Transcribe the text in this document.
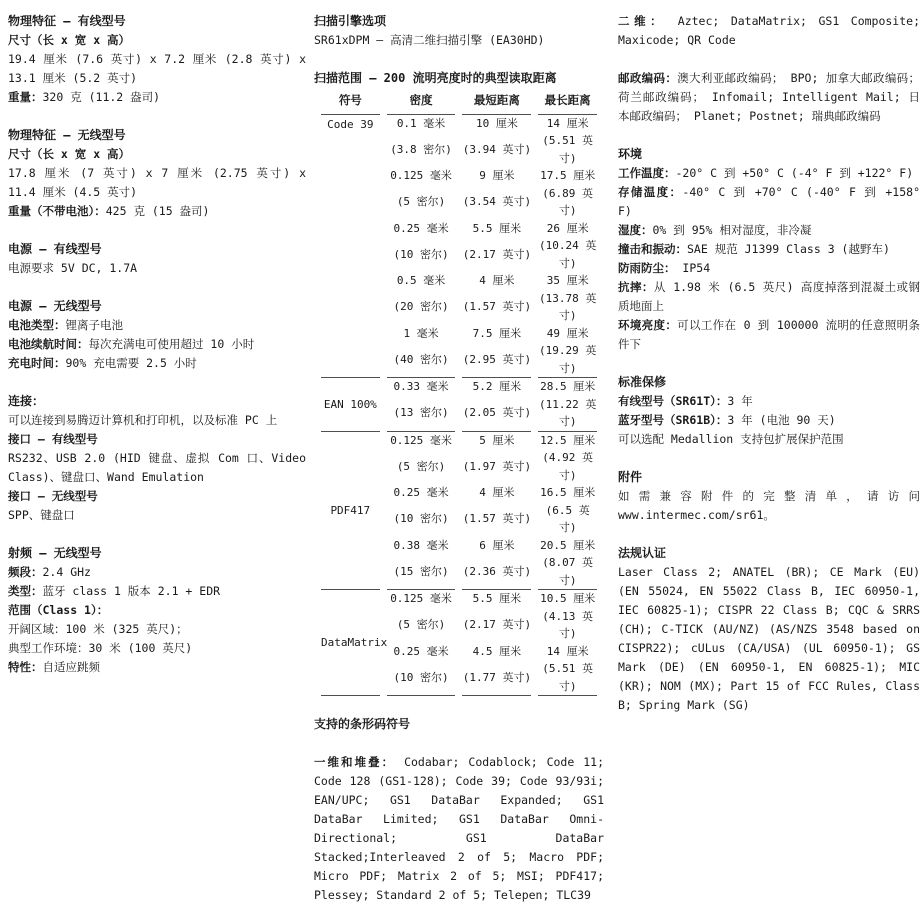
物理特征 — 有线型号

尺寸（长 x 宽 x 高）

19.4 厘米 (7.6 英寸) x 7.2 厘米 (2.8 英寸) x 13.1 厘米 (5.2 英寸)

重量：320 克 (11.2 盎司)

物理特征 — 无线型号

尺寸（长 x 宽 x 高）

17.8 厘米 (7 英寸) x 7 厘米 (2.75 英寸) x 11.4 厘米 (4.5 英寸)

重量（不带电池）：425 克 (15 盎司)

电源 — 有线型号

电源要求 5V DC, 1.7A

电源 — 无线型号

电池类型：锂离子电池

电池续航时间：每次充满电可使用超过 10 小时

充电时间：90% 充电需要 2.5 小时

连接：

可以连接到易腾迈计算机和打印机，以及标准 PC 上

接口 — 有线型号

RS232、USB 2.0 (HID 键盘、虚拟 Com 口、Video Class)、键盘口、Wand Emulation

接口 — 无线型号

SPP、键盘口

射频 — 无线型号

频段：2.4 GHz

类型：蓝牙 class 1 版本 2.1 + EDR

范围（Class 1）：

开阔区域：100 米 (325 英尺)；

典型工作环境：30 米 (100 英尺)

特性：自适应跳频

扫描引擎选项

SR61xDPM – 高清二维扫描引擎 (EA30HD)

扫描范围 — 200 流明亮度时的典型读取距离
符号	密度	最短距离	最长距离
Code 39	0.1 毫米	10 厘米	14 厘米
	(3.8 密尔)	(3.94 英寸)	(5.51 英寸)
	0.125 毫米	9 厘米	17.5 厘米
	(5 密尔)	(3.54 英寸)	(6.89 英寸)
	0.25 毫米	5.5 厘米	26 厘米
	(10 密尔)	(2.17 英寸)	(10.24 英寸)
	0.5 毫米	4 厘米	35 厘米
	(20 密尔)	(1.57 英寸)	(13.78 英寸)
	1 毫米	7.5 厘米	49 厘米
	(40 密尔)	(2.95 英寸)	(19.29 英寸)
EAN 100%	0.33 毫米	5.2 厘米	28.5 厘米
	(13 密尔)	(2.05 英寸)	(11.22 英寸)
PDF417	0.125 毫米	5 厘米	12.5 厘米
	(5 密尔)	(1.97 英寸)	(4.92 英寸)
	0.25 毫米	4 厘米	16.5 厘米
	(10 密尔)	(1.57 英寸)	(6.5 英寸)
	0.38 毫米	6 厘米	20.5 厘米
	(15 密尔)	(2.36 英寸)	(8.07 英寸)
DataMatrix	0.125 毫米	5.5 厘米	10.5 厘米
	(5 密尔)	(2.17 英寸)	(4.13 英寸)
	0.25 毫米	4.5 厘米	14 厘米
	(10 密尔)	(1.77 英寸)	(5.51 英寸)
支持的条形码符号

一维和堆叠： Codabar; Codablock; Code 11; Code 128 (GS1-128); Code 39; Code 93/93i; EAN/UPC; GS1 DataBar Expanded; GS1 DataBar Limited; GS1 DataBar Omni-Directional; GS1 DataBar Stacked;Interleaved 2 of 5; Macro PDF; Micro PDF; Matrix 2 of 5; MSI; PDF417; Plessey; Standard 2 of 5; Telepen; TLC39

二维： Aztec; DataMatrix; GS1 Composite; Maxicode; QR Code

邮政编码：澳大利亚邮政编码； BPO; 加拿大邮政编码；荷兰邮政编码； Infomail; Intelligent Mail; 日本邮政编码； Planet; Postnet; 瑞典邮政编码

环境

工作温度：-20° C 到 +50° C (-4° F 到 +122° F)

存储温度：-40° C 到 +70° C (-40° F 到 +158° F)

湿度：0% 到 95% 相对湿度，非冷凝

撞击和振动：SAE 规范 J1399 Class 3 (越野车)

防雨防尘： IP54

抗摔：从 1.98 米 (6.5 英尺) 高度掉落到混凝土或钢质地面上

环境亮度：可以工作在 0 到 100000 流明的任意照明条件下

标准保修

有线型号（SR61T）：3 年

蓝牙型号（SR61B）：3 年 (电池 90 天)

可以选配 Medallion 支持包扩展保护范围

附件

如需兼容附件的完整清单，请访问 www.intermec.com/sr61。

法规认证

Laser Class 2; ANATEL (BR); CE Mark (EU) (EN 55024, EN 55022 Class B, IEC 60950-1, IEC 60825-1); CISPR 22 Class B; CQC & SRRS (CH); C-TICK (AU/NZ) (AS/NZS 3548 based on CISPR22); cULus (CA/USA) (UL 60950-1); GS Mark (DE) (EN 60950-1, EN 60825-1); MIC (KR); NOM (MX); Part 15 of FCC Rules, Class B; Spring Mark (SG)
